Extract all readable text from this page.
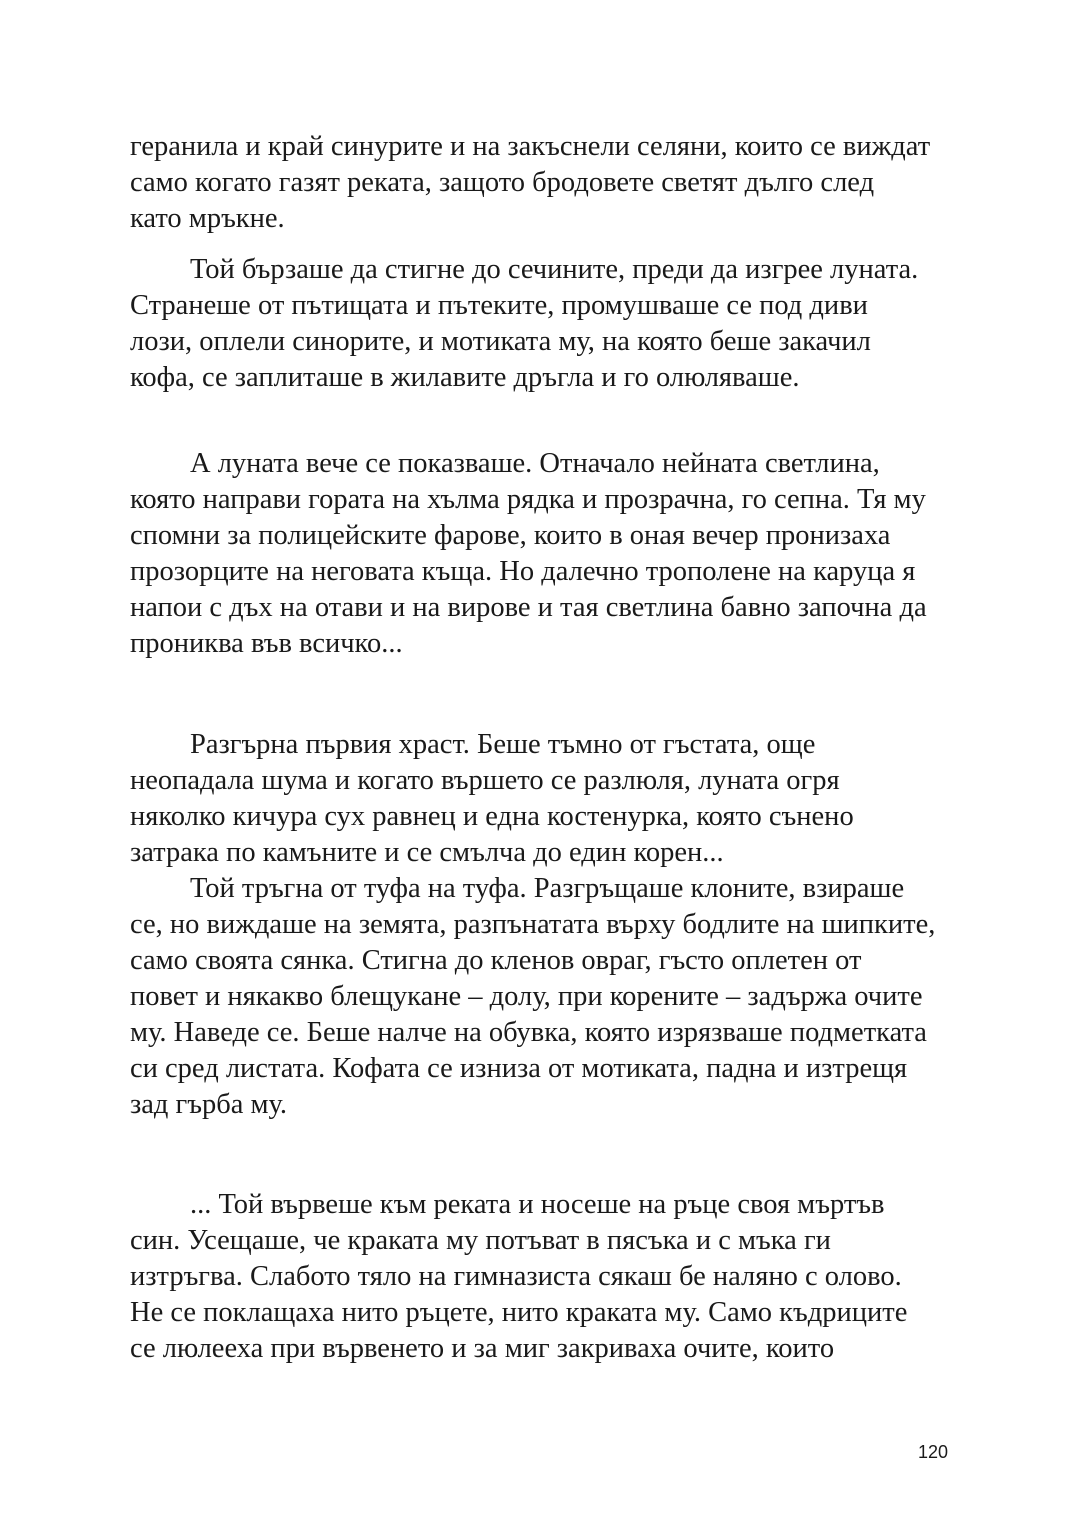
геранила и край синурите и на закъснели селяни, които се виждат
само когато газят реката, защото бродовете светят дълго след
като мръкне.
Той бързаше да стигне до сечините, преди да изгрее луната.
Странеше от пътищата и пътеките, промушваше се под диви
лози, оплели синорите, и мотиката му, на която беше закачил
кофа, се заплиташе в жилавите дръгла и го олюляваше.
А луната вече се показваше. Отначало нейната светлина,
която направи гората на хълма рядка и прозрачна, го сепна. Тя му
спомни за полицейските фарове, които в оная вечер пронизаха
прозорците на неговата къща. Но далечно трополене на каруца я
напои с дъх на отави и на вирове и тая светлина бавно започна да
прониква във всичко...
Разгърна първия храст. Беше тъмно от гъстата, още
неопадала шума и когато вършето се разлюля, луната огря
няколко кичура сух равнец и една костенурка, която сънено
затрака по камъните и се смълча до един корен...
Той тръгна от туфа на туфа. Разгръщаше клоните, взираше
се, но виждаше на земята, разпънатата върху бодлите на шипките,
само своята сянка. Стигна до кленов овраг, гъсто оплетен от
повет и някакво блещукане – долу, при корените – задържа очите
му. Наведе се. Беше налче на обувка, която изрязваше подметката
си сред листата. Кофата се изниза от мотиката, падна и изтрещя
зад гърба му.
... Той вървеше към реката и носеше на ръце своя мъртъв
син. Усещаше, че краката му потъват в пясъка и с мъка ги
изтръгва. Слабото тяло на гимназиста сякаш бе наляно с олово.
Не се поклащаха нито ръцете, нито краката му. Само къдриците
се люлееха при вървенето и за миг закриваха очите, които
120
